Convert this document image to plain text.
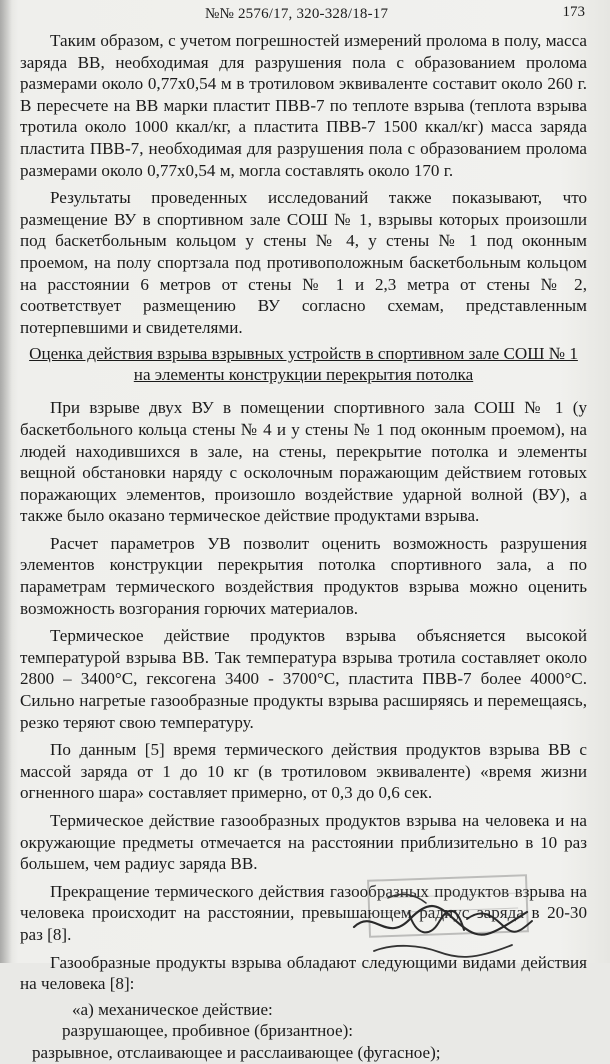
№№ 2576/17, 320-328/18-17	173

Таким образом, с учетом погрешностей измерений пролома в полу, масса заряда ВВ, необходимая для разрушения пола с образованием пролома размерами около 0,77х0,54 м в тротиловом эквиваленте составит около 260 г. В пересчете на ВВ марки пластит ПВВ-7 по теплоте взрыва (теплота взрыва тротила около 1000 ккал/кг, а пластита ПВВ-7 1500 ккал/кг) масса заряда пластита ПВВ-7, необходимая для разрушения пола с образованием пролома размерами около 0,77х0,54 м, могла составлять около 170 г.

Результаты проведенных исследований также показывают, что размещение ВУ в спортивном зале СОШ № 1, взрывы которых произошли под баскетбольным кольцом у стены № 4, у стены № 1 под оконным проемом, на полу спортзала под противоположным баскетбольным кольцом на расстоянии 6 метров от стены № 1 и 2,3 метра от стены № 2, соответствует размещению ВУ согласно схемам, представленным потерпевшими и свидетелями.

Оценка действия взрыва взрывных устройств в спортивном зале СОШ № 1
на элементы конструкции перекрытия потолка

При взрыве двух ВУ в помещении спортивного зала СОШ № 1 (у баскетбольного кольца стены № 4 и у стены № 1 под оконным проемом), на людей находившихся в зале, на стены, перекрытие потолка и элементы вещной обстановки наряду с осколочным поражающим действием готовых поражающих элементов, произошло воздействие ударной волной (ВУ), а также было оказано термическое действие продуктами взрыва.

Расчет параметров УВ позволит оценить возможность разрушения элементов конструкции перекрытия потолка спортивного зала, а по параметрам термического воздействия продуктов взрыва можно оценить возможность возгорания горючих материалов.

Термическое действие продуктов взрыва объясняется высокой температурой взрыва ВВ. Так температура взрыва тротила составляет около 2800 – 3400°С, гексогена 3400 - 3700°С, пластита ПВВ-7 более 4000°С. Сильно нагретые газообразные продукты взрыва расширяясь и перемещаясь, резко теряют свою температуру.

По данным [5] время термического действия продуктов взрыва ВВ с массой заряда от 1 до 10 кг (в тротиловом эквиваленте) «время жизни огненного шара» составляет примерно, от 0,3 до 0,6 сек.

Термическое действие газообразных продуктов взрыва на человека и на окружающие предметы отмечается на расстоянии приблизительно в 10 раз большем, чем радиус заряда ВВ.

Прекращение термического действия газообразных продуктов взрыва на человека происходит на расстоянии, превышающем радиус заряда в 20-30 раз [8].

Газообразные продукты взрыва обладают следующими видами действия на человека [8]:

«а) механическое действие:

разрушающее, пробивное (бризантное):

разрывное, отслаивающее и расслаивающее (фугасное);
